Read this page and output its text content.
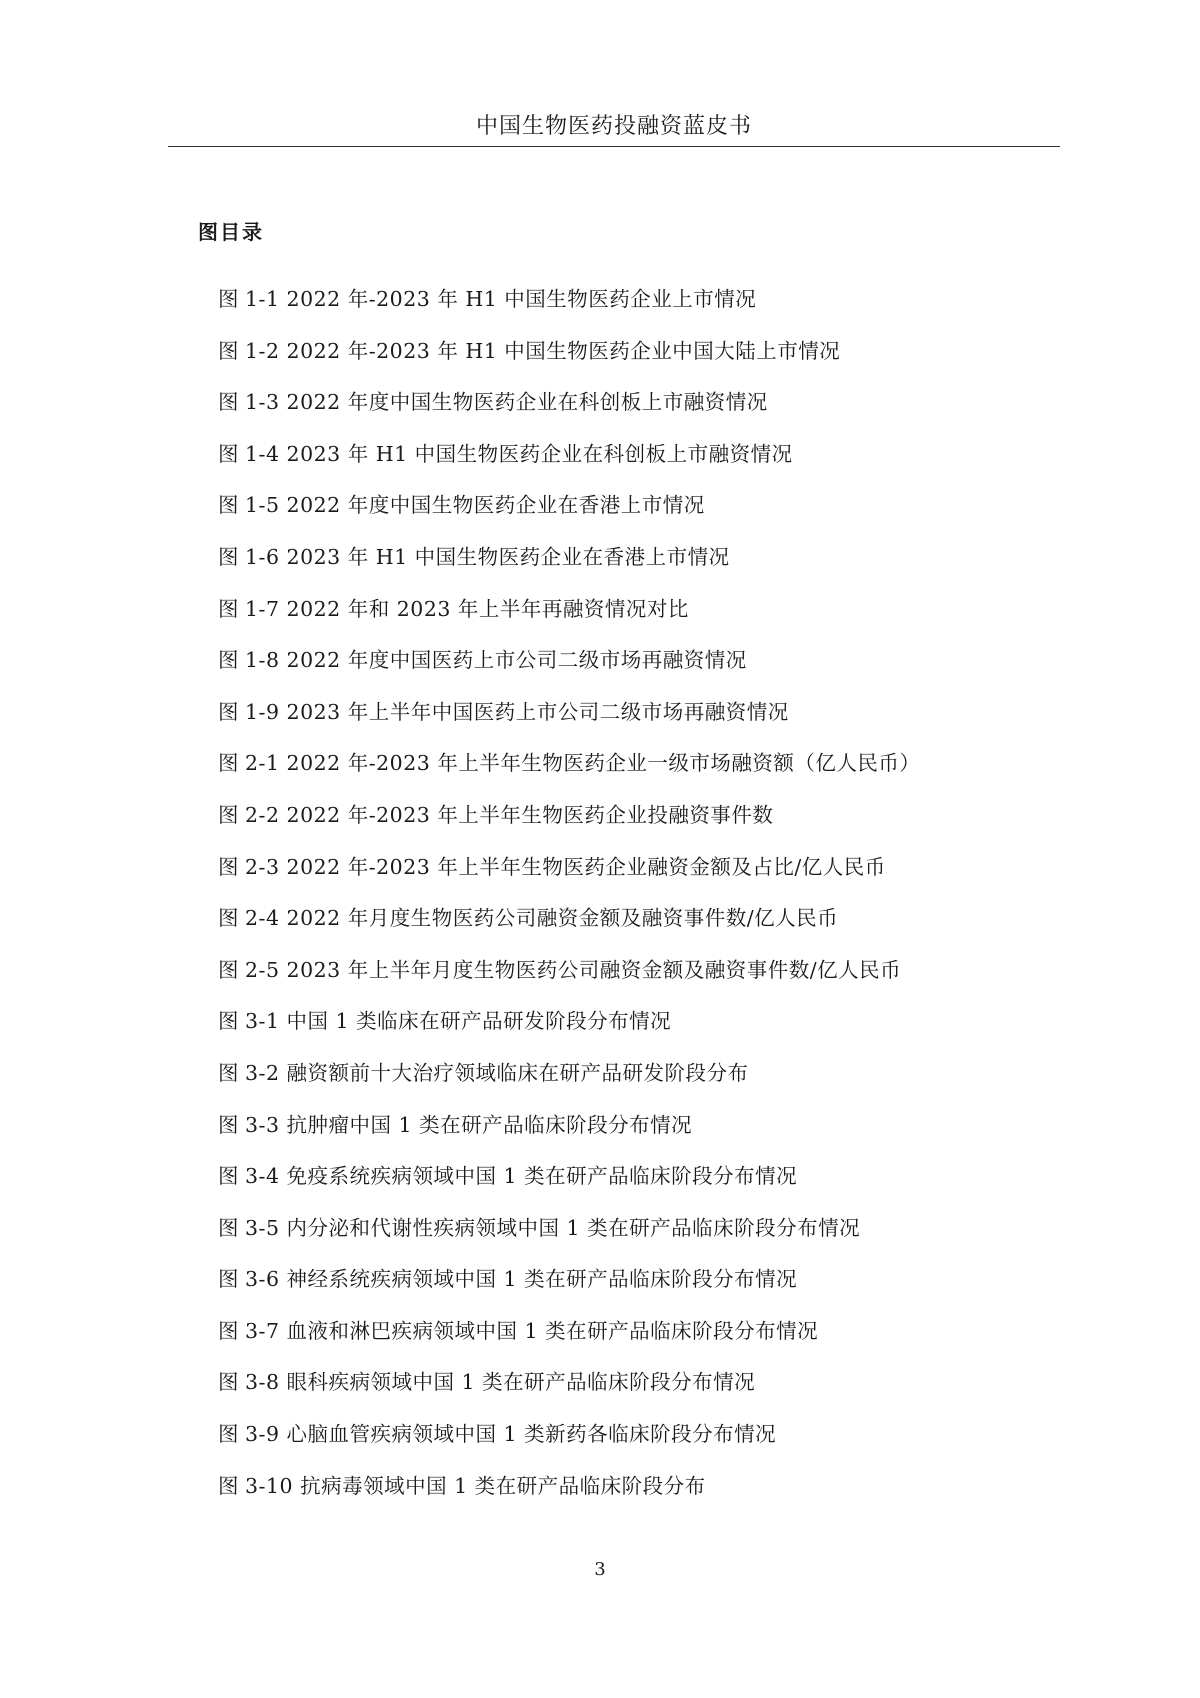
中国生物医药投融资蓝皮书
图目录
图 1-1 2022 年-2023 年 H1 中国生物医药企业上市情况
图 1-2 2022 年-2023 年 H1 中国生物医药企业中国大陆上市情况
图 1-3 2022 年度中国生物医药企业在科创板上市融资情况
图 1-4 2023 年 H1 中国生物医药企业在科创板上市融资情况
图 1-5 2022 年度中国生物医药企业在香港上市情况
图 1-6 2023 年 H1 中国生物医药企业在香港上市情况
图 1-7 2022 年和 2023 年上半年再融资情况对比
图 1-8 2022 年度中国医药上市公司二级市场再融资情况
图 1-9 2023 年上半年中国医药上市公司二级市场再融资情况
图 2-1 2022 年-2023 年上半年生物医药企业一级市场融资额（亿人民币）
图 2-2 2022 年-2023 年上半年生物医药企业投融资事件数
图 2-3 2022 年-2023 年上半年生物医药企业融资金额及占比/亿人民币
图 2-4 2022 年月度生物医药公司融资金额及融资事件数/亿人民币
图 2-5 2023 年上半年月度生物医药公司融资金额及融资事件数/亿人民币
图 3-1 中国 1 类临床在研产品研发阶段分布情况
图 3-2 融资额前十大治疗领域临床在研产品研发阶段分布
图 3-3 抗肿瘤中国 1 类在研产品临床阶段分布情况
图 3-4 免疫系统疾病领域中国 1 类在研产品临床阶段分布情况
图 3-5 内分泌和代谢性疾病领域中国 1 类在研产品临床阶段分布情况
图 3-6 神经系统疾病领域中国 1 类在研产品临床阶段分布情况
图 3-7 血液和淋巴疾病领域中国 1 类在研产品临床阶段分布情况
图 3-8 眼科疾病领域中国 1 类在研产品临床阶段分布情况
图 3-9 心脑血管疾病领域中国 1 类新药各临床阶段分布情况
图 3-10 抗病毒领域中国 1 类在研产品临床阶段分布
3
